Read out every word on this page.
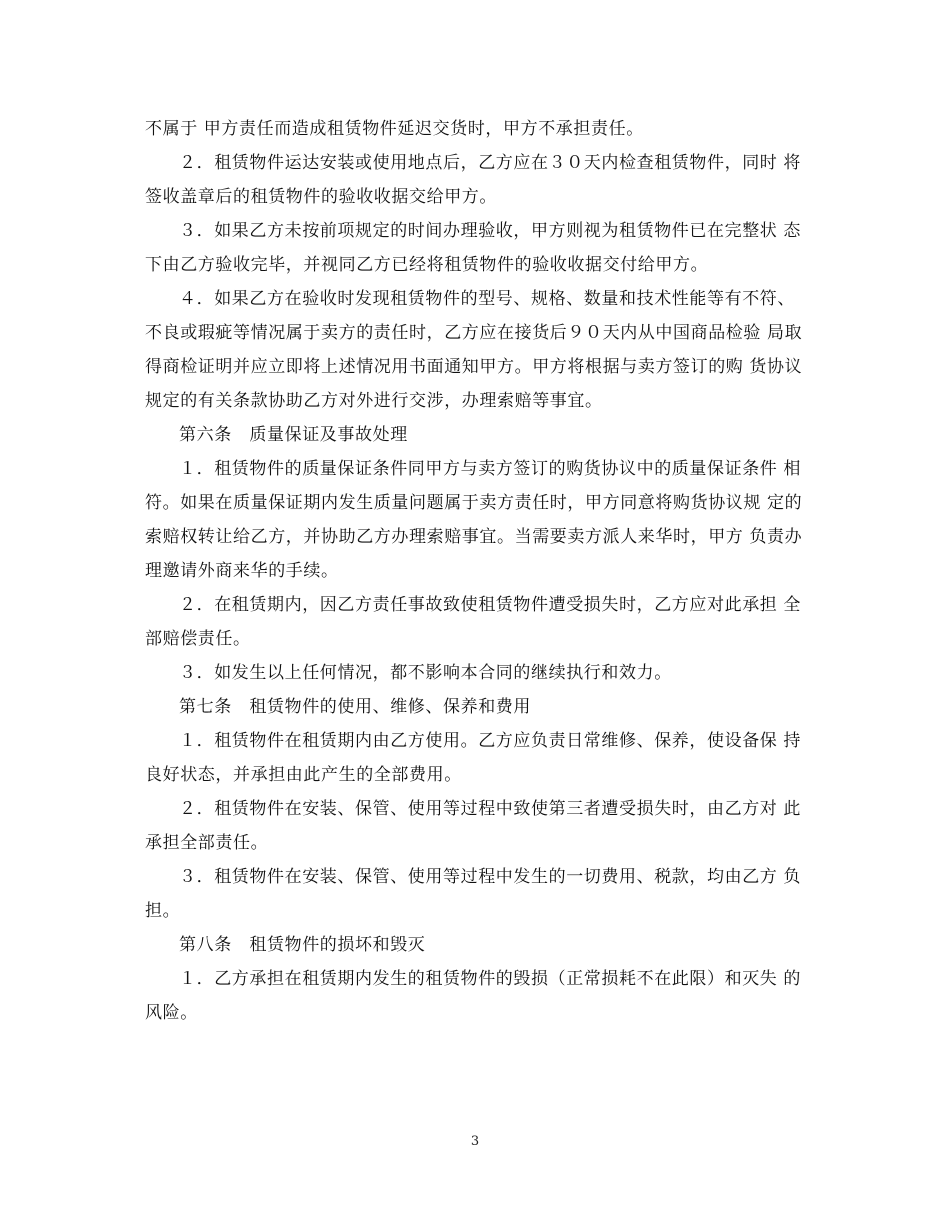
不属于 甲方责任而造成租赁物件延迟交货时，甲方不承担责任。

２．租赁物件运达安装或使用地点后，乙方应在３０天内检查租赁物件，同时 将签收盖章后的租赁物件的验收收据交给甲方。

３．如果乙方未按前项规定的时间办理验收，甲方则视为租赁物件已在完整状 态下由乙方验收完毕，并视同乙方已经将租赁物件的验收收据交付给甲方。

４．如果乙方在验收时发现租赁物件的型号、规格、数量和技术性能等有不符、 不良或瑕疵等情况属于卖方的责任时，乙方应在接货后９０天内从中国商品检验 局取得商检证明并应立即将上述情况用书面通知甲方。甲方将根据与卖方签订的购 货协议规定的有关条款协助乙方对外进行交涉，办理索赔等事宜。

第六条　质量保证及事故处理

１．租赁物件的质量保证条件同甲方与卖方签订的购货协议中的质量保证条件 相符。如果在质量保证期内发生质量问题属于卖方责任时，甲方同意将购货协议规 定的索赔权转让给乙方，并协助乙方办理索赔事宜。当需要卖方派人来华时，甲方 负责办理邀请外商来华的手续。

２．在租赁期内，因乙方责任事故致使租赁物件遭受损失时，乙方应对此承担 全部赔偿责任。

３．如发生以上任何情况，都不影响本合同的继续执行和效力。

第七条　租赁物件的使用、维修、保养和费用

１．租赁物件在租赁期内由乙方使用。乙方应负责日常维修、保养，使设备保 持良好状态，并承担由此产生的全部费用。

２．租赁物件在安装、保管、使用等过程中致使第三者遭受损失时，由乙方对 此承担全部责任。

３．租赁物件在安装、保管、使用等过程中发生的一切费用、税款，均由乙方 负担。

第八条　租赁物件的损坏和毁灭

１．乙方承担在租赁期内发生的租赁物件的毁损（正常损耗不在此限）和灭失 的风险。

3
